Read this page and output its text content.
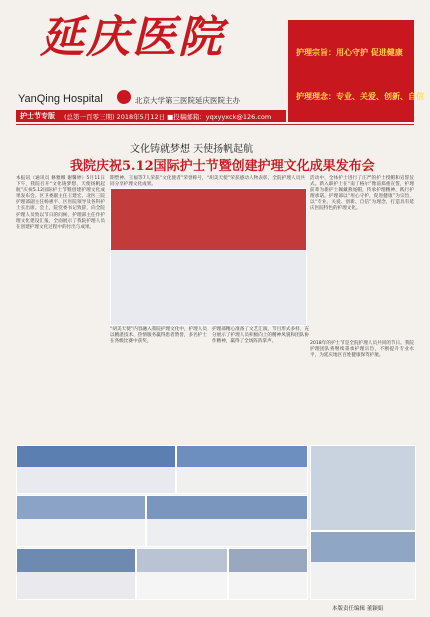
延庆医院
YanQing Hospital	北京大学第三医院延庆医院主办
护士节专版 (总第一百零三期) 2018年5月12日 ■投稿邮箱：yqxyyxck@126.com
护理宗旨：用心守护 促进健康
护理理念：专业、关爱、创新、自信
文化铸就梦想 天使扬帆起航
我院庆祝5.12国际护士节暨创建护理文化成果发布会
本报讯（通讯员 修雅娜 谢馨婷）5月11日下午，我院召开“文化铸梦想，天使扬帆起航”庆祝5.12国际护士节暨创建护理文化成果发布会。区卫委副主任王建宏、北医三院护理部副主任杨惠平、区医院领导及各科护士长出席。会上，院党委书记致辞，向全院护理人员致以节日的问候，护理部主任作护理文化建设汇报，全面展示了我院护理人员在创建护理文化过程中的付出与成果。
期塑神、王福等7人荣获“文化使者”荣誉称号，“胡美天使”荣获感动人物表彰，全院护理人员共同分享护理文化成果。
活动中，全体护士进行了庄严的护士授帽和宣誓仪式。新入职护士在“南丁格尔”像前郑重宣誓，护理前辈为新护士佩戴燕尾帽，传承护理精神，践行护理承诺。护理部以“用心守护，促进健康”为宗旨，以“专业、关爱、创新、自信”为理念，打造具有延庆医院特色的护理文化。
“胡美天使”内容融入我院护理文化中，护理人员以精湛技术、热情服务赢得患者赞誉，多名护士在各级比赛中获奖。
护理部精心准备了文艺汇演，节目形式多样，充分展示了护理人员积极向上的精神风貌和团队协作精神，赢得了全场阵阵掌声。	2018年的护士节是全院护理人员共同的节日。我院护理团队将继续秉承护理宗旨，不断提升专业水平，为延庆地区百姓健康保驾护航。
本版责任编辑 董颖娟
